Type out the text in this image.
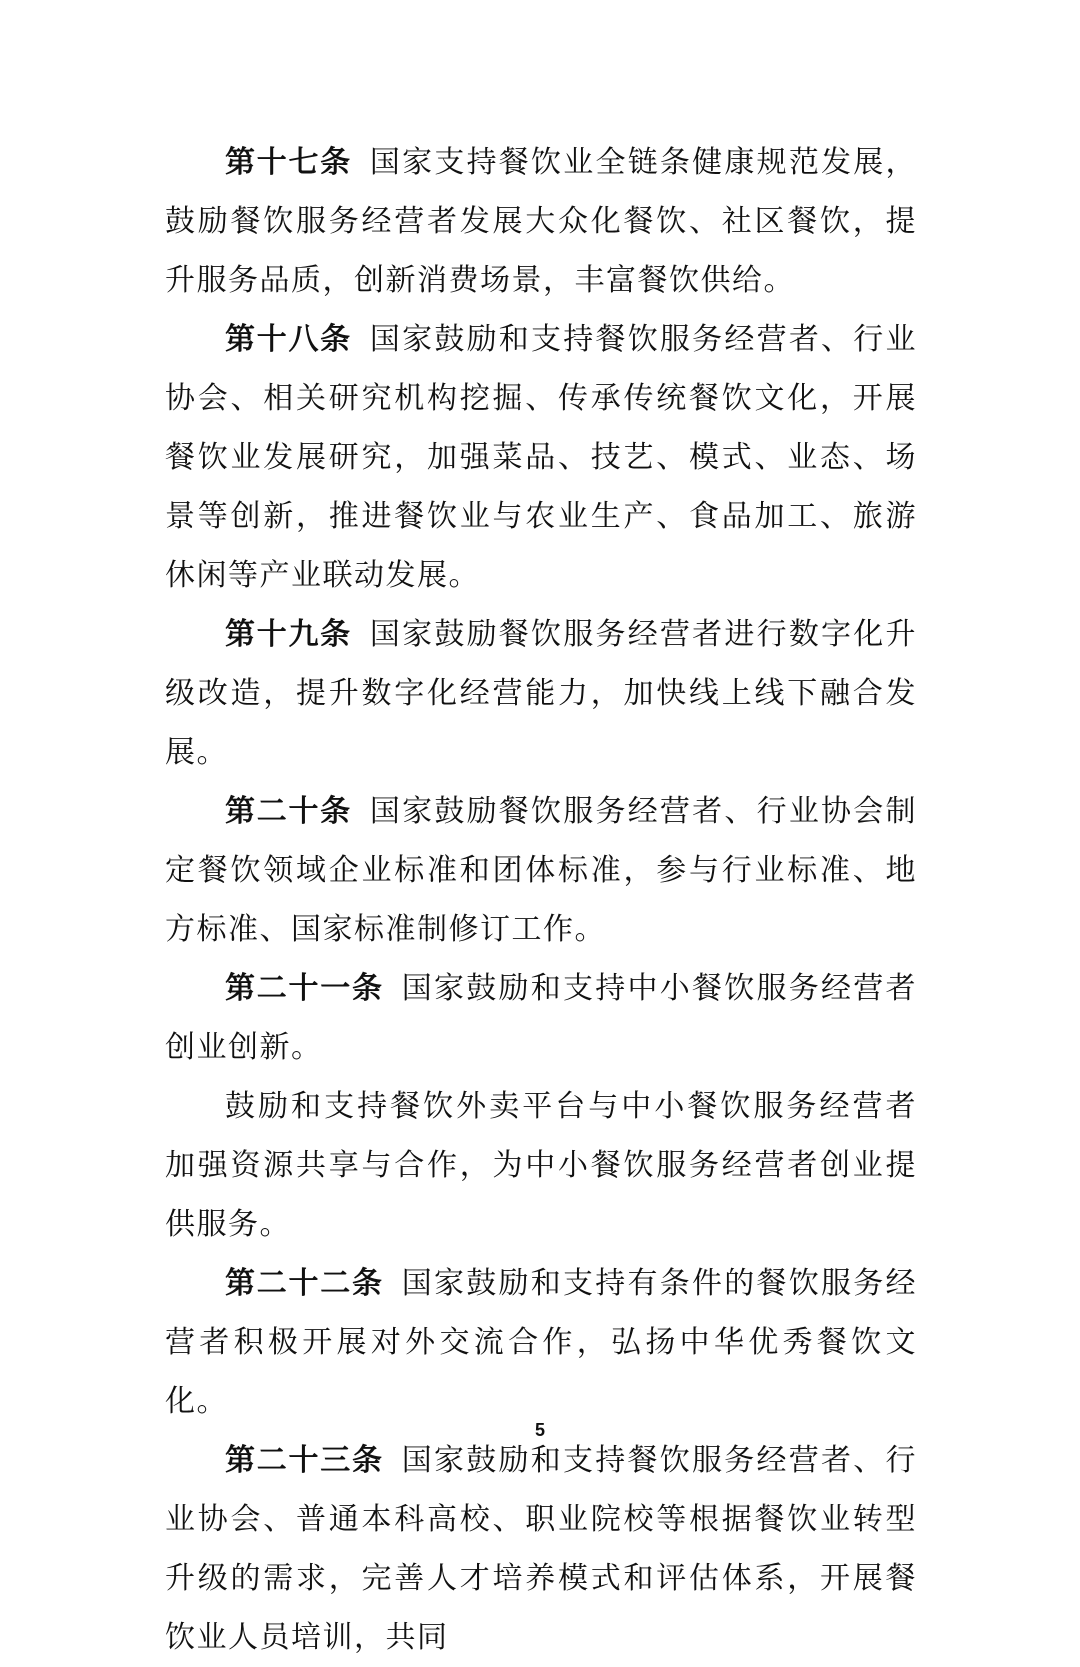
第十七条 国家支持餐饮业全链条健康规范发展，鼓励餐饮服务经营者发展大众化餐饮、社区餐饮，提升服务品质，创新消费场景，丰富餐饮供给。

第十八条 国家鼓励和支持餐饮服务经营者、行业协会、相关研究机构挖掘、传承传统餐饮文化，开展餐饮业发展研究，加强菜品、技艺、模式、业态、场景等创新，推进餐饮业与农业生产、食品加工、旅游休闲等产业联动发展。

第十九条 国家鼓励餐饮服务经营者进行数字化升级改造，提升数字化经营能力，加快线上线下融合发展。

第二十条 国家鼓励餐饮服务经营者、行业协会制定餐饮领域企业标准和团体标准，参与行业标准、地方标准、国家标准制修订工作。

第二十一条 国家鼓励和支持中小餐饮服务经营者创业创新。

鼓励和支持餐饮外卖平台与中小餐饮服务经营者加强资源共享与合作，为中小餐饮服务经营者创业提供服务。

第二十二条 国家鼓励和支持有条件的餐饮服务经营者积极开展对外交流合作，弘扬中华优秀餐饮文化。

第二十三条 国家鼓励和支持餐饮服务经营者、行业协会、普通本科高校、职业院校等根据餐饮业转型升级的需求，完善人才培养模式和评估体系，开展餐饮业人员培训，共同

5
